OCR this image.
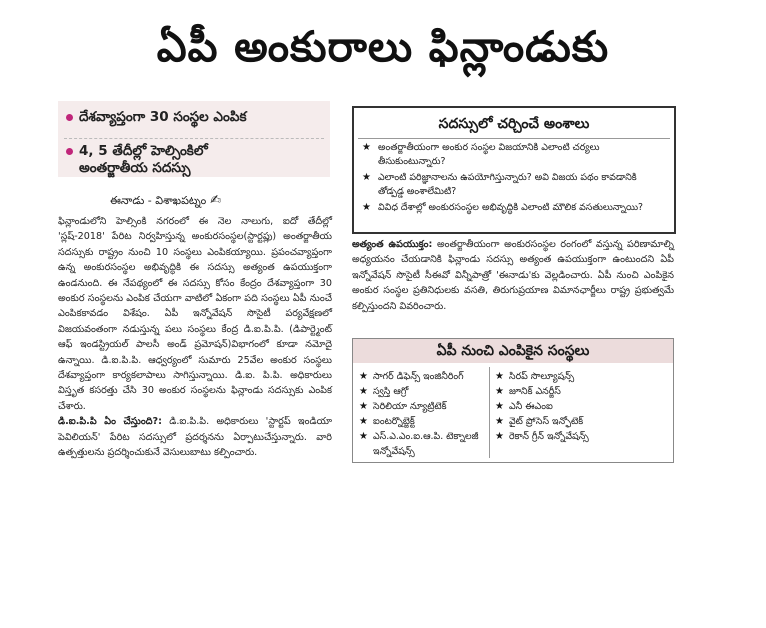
ఏపీ అంకురాలు ఫిన్లాండుకు
దేశవ్యాప్తంగా 30 సంస్థల ఎంపిక
4, 5 తేదీల్లో హెల్సింకిలో
అంతర్జాతీయ సదస్సు
ఈనాడు - విశాఖపట్నం ✍
ఫిన్లాండులోని హెల్సింకి నగరంలో ఈ నెల నాలుగు, ఐదో తేదీల్లో 'స్లష్-2018' పేరిట నిర్వహిస్తున్న అంకురసంస్థల(స్టార్టప్లు) అంతర్జాతీయ సదస్సుకు రాష్ట్రం నుంచి 10 సంస్థలు ఎంపికయ్యాయి. ప్రపంచవ్యాప్తంగా ఉన్న అంకురసంస్థల అభివృద్ధికి ఈ సదస్సు అత్యంత ఉపయుక్తంగా ఉండనుంది. ఈ నేపథ్యంలో ఈ సదస్సు కోసం కేంద్రం దేశవ్యాప్తంగా 30 అంకుర సంస్థలను ఎంపిక చేయగా వాటిలో ఏకంగా పది సంస్థలు ఏపీ నుంచే ఎంపికకావడం విశేషం. ఏపీ ఇన్నోవేషన్ సొసైటీ పర్యవేక్షణలో విజయవంతంగా నడుస్తున్న పలు సంస్థలు కేంద్ర డి.ఐ.పి.పి. (డిపార్ట్మెంట్ ఆఫ్ ఇండస్ట్రియల్ పాలసీ అండ్ ప్రమోషన్)విభాగంలో కూడా నమోదై ఉన్నాయి. డి.ఐ.పి.పి. ఆధ్వర్యంలో సుమారు 25వేల అంకుర సంస్థలు దేశవ్యాప్తంగా కార్యకలాపాలు సాగిస్తున్నాయి. డి.ఐ. పి.పి. అధికారులు విస్తృత కసరత్తు చేసి 30 అంకుర సంస్థలను ఫిన్లాండు సదస్సుకు ఎంపిక చేశారు.
డి.ఐ.పి.పి ఏం చేస్తుంది?: డి.ఐ.పి.పి. అధికారులు 'స్టార్టప్ ఇండియా పెవిలియన్' పేరిట సదస్సులో ప్రదర్శనను ఏర్పాటుచేస్తున్నారు. వారి ఉత్పత్తులను ప్రదర్శించుకునే వెసులుబాటు కల్పించారు.
సదస్సులో చర్చించే అంశాలు
★ అంతర్జాతీయంగా అంకుర సంస్థల విజయానికి ఎలాంటి చర్యలు తీసుకుంటున్నారు?
★ ఎలాంటి పరిజ్ఞానాలను ఉపయోగిస్తున్నారు? అవి విజయ పథం కావడానికి తోడ్పడ్డ అంశాలేమిటి?
★ వివిధ దేశాల్లో అంకురసంస్థల అభివృద్ధికి ఎలాంటి మౌలిక వసతులున్నాయి?
అత్యంత ఉపయుక్తం: అంతర్జాతీయంగా అంకురసంస్థల రంగంలో వస్తున్న పరిణామాల్ని అధ్యయనం చేయడానికి ఫిన్లాండు సదస్సు అత్యంత ఉపయుక్తంగా ఉంటుందని ఏపీ ఇన్నోవేషన్ సొసైటీ సీఈవో విన్నీపాత్రో 'ఈనాడు'కు వెల్లడించారు. ఏపీ నుంచి ఎంపికైన అంకుర సంస్థల ప్రతినిధులకు వసతి, తిరుగుప్రయాణ విమానఛార్జీలు రాష్ట్ర ప్రభుత్వమే కల్పిస్తుందని వివరించారు.
ఏపీ నుంచి ఎంపికైన సంస్థలు
★ సాగర్ డిఫెన్స్ ఇంజినీరింగ్
★ స్వస్తి ఆగ్రో
★ సెరిలియా న్యూట్రిటెక్
★ ఐంటర్నొబ్జెక్ట్
★ ఎస్.ఎ.ఎం.ఐ.ఆ.పి. టెక్నాలజీ ఇన్నోవేషన్స్
★ సిరప్ సొల్యూషన్స్
★ జూనిక్ ఎనర్జీస్
★ ఎనీ ఈఎంఐ
★ వైట్ ప్రోసెస్ ఇన్ఫోటెక్
★ రెకాన్ గ్రీన్ ఇన్నోవేషన్స్
